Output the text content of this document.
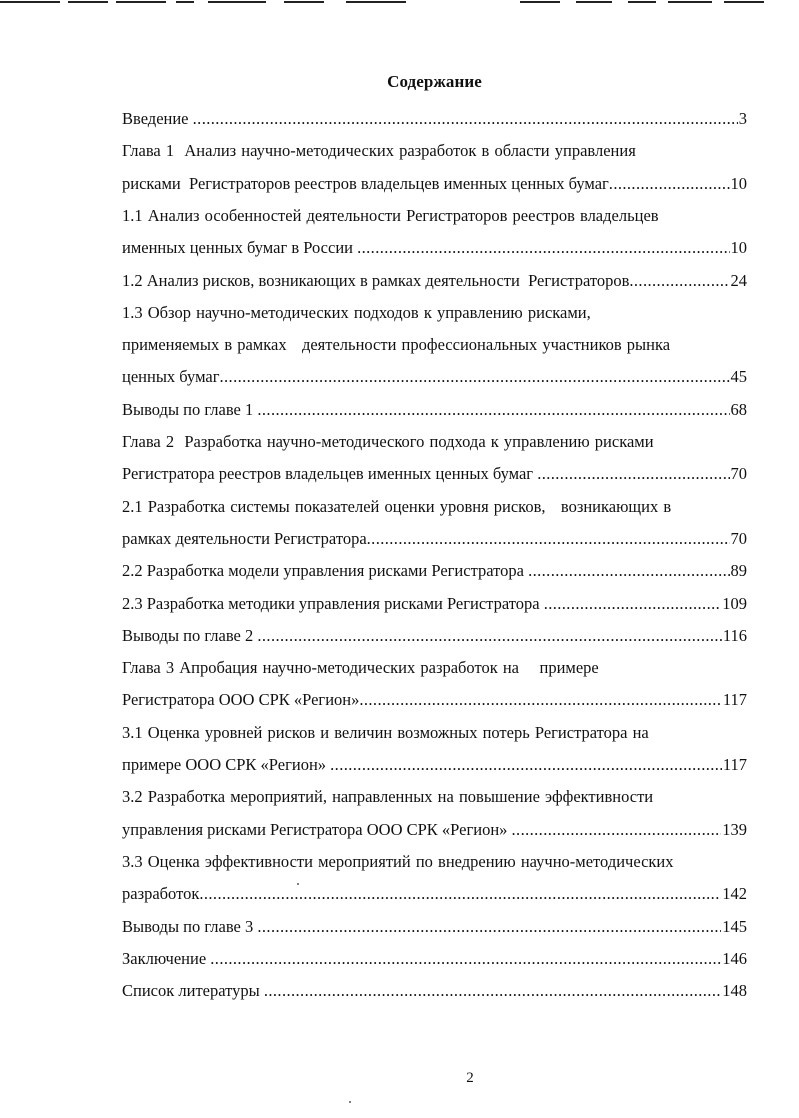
Содержание
Введение .....	3
Глава 1  Анализ научно-методических разработок в области управления
рисками  Регистраторов реестров владельцев именных ценных бумаг .....	10
1.1 Анализ особенностей деятельности Регистраторов реестров владельцев
именных ценных бумаг в России .....	10
1.2 Анализ рисков, возникающих в рамках деятельности  Регистраторов .....	24
1.3 Обзор научно-методических подходов к управлению рисками,
применяемых в рамках   деятельности профессиональных участников рынка
ценных бумаг .....	45
Выводы по главе 1 .....	68
Глава 2  Разработка научно-методического подхода к управлению рисками
Регистратора реестров владельцев именных ценных бумаг .....	70
2.1 Разработка системы показателей оценки уровня рисков,   возникающих в
рамках деятельности Регистратора .....	70
2.2 Разработка модели управления рисками Регистратора .....	89
2.3 Разработка методики управления рисками Регистратора .....	109
Выводы по главе 2 .....	116
Глава 3 Апробация научно-методических разработок на    примере
Регистратора ООО СРК «Регион» .....	117
3.1 Оценка уровней рисков и величин возможных потерь Регистратора на
примере ООО СРК «Регион» .....	117
3.2 Разработка мероприятий, направленных на повышение эффективности
управления рисками Регистратора ООО СРК «Регион» .....	139
3.3 Оценка эффективности мероприятий по внедрению научно-методических
разработок .....	142
Выводы по главе 3 .....	145
Заключение .....	146
Список литературы .....	148
2
